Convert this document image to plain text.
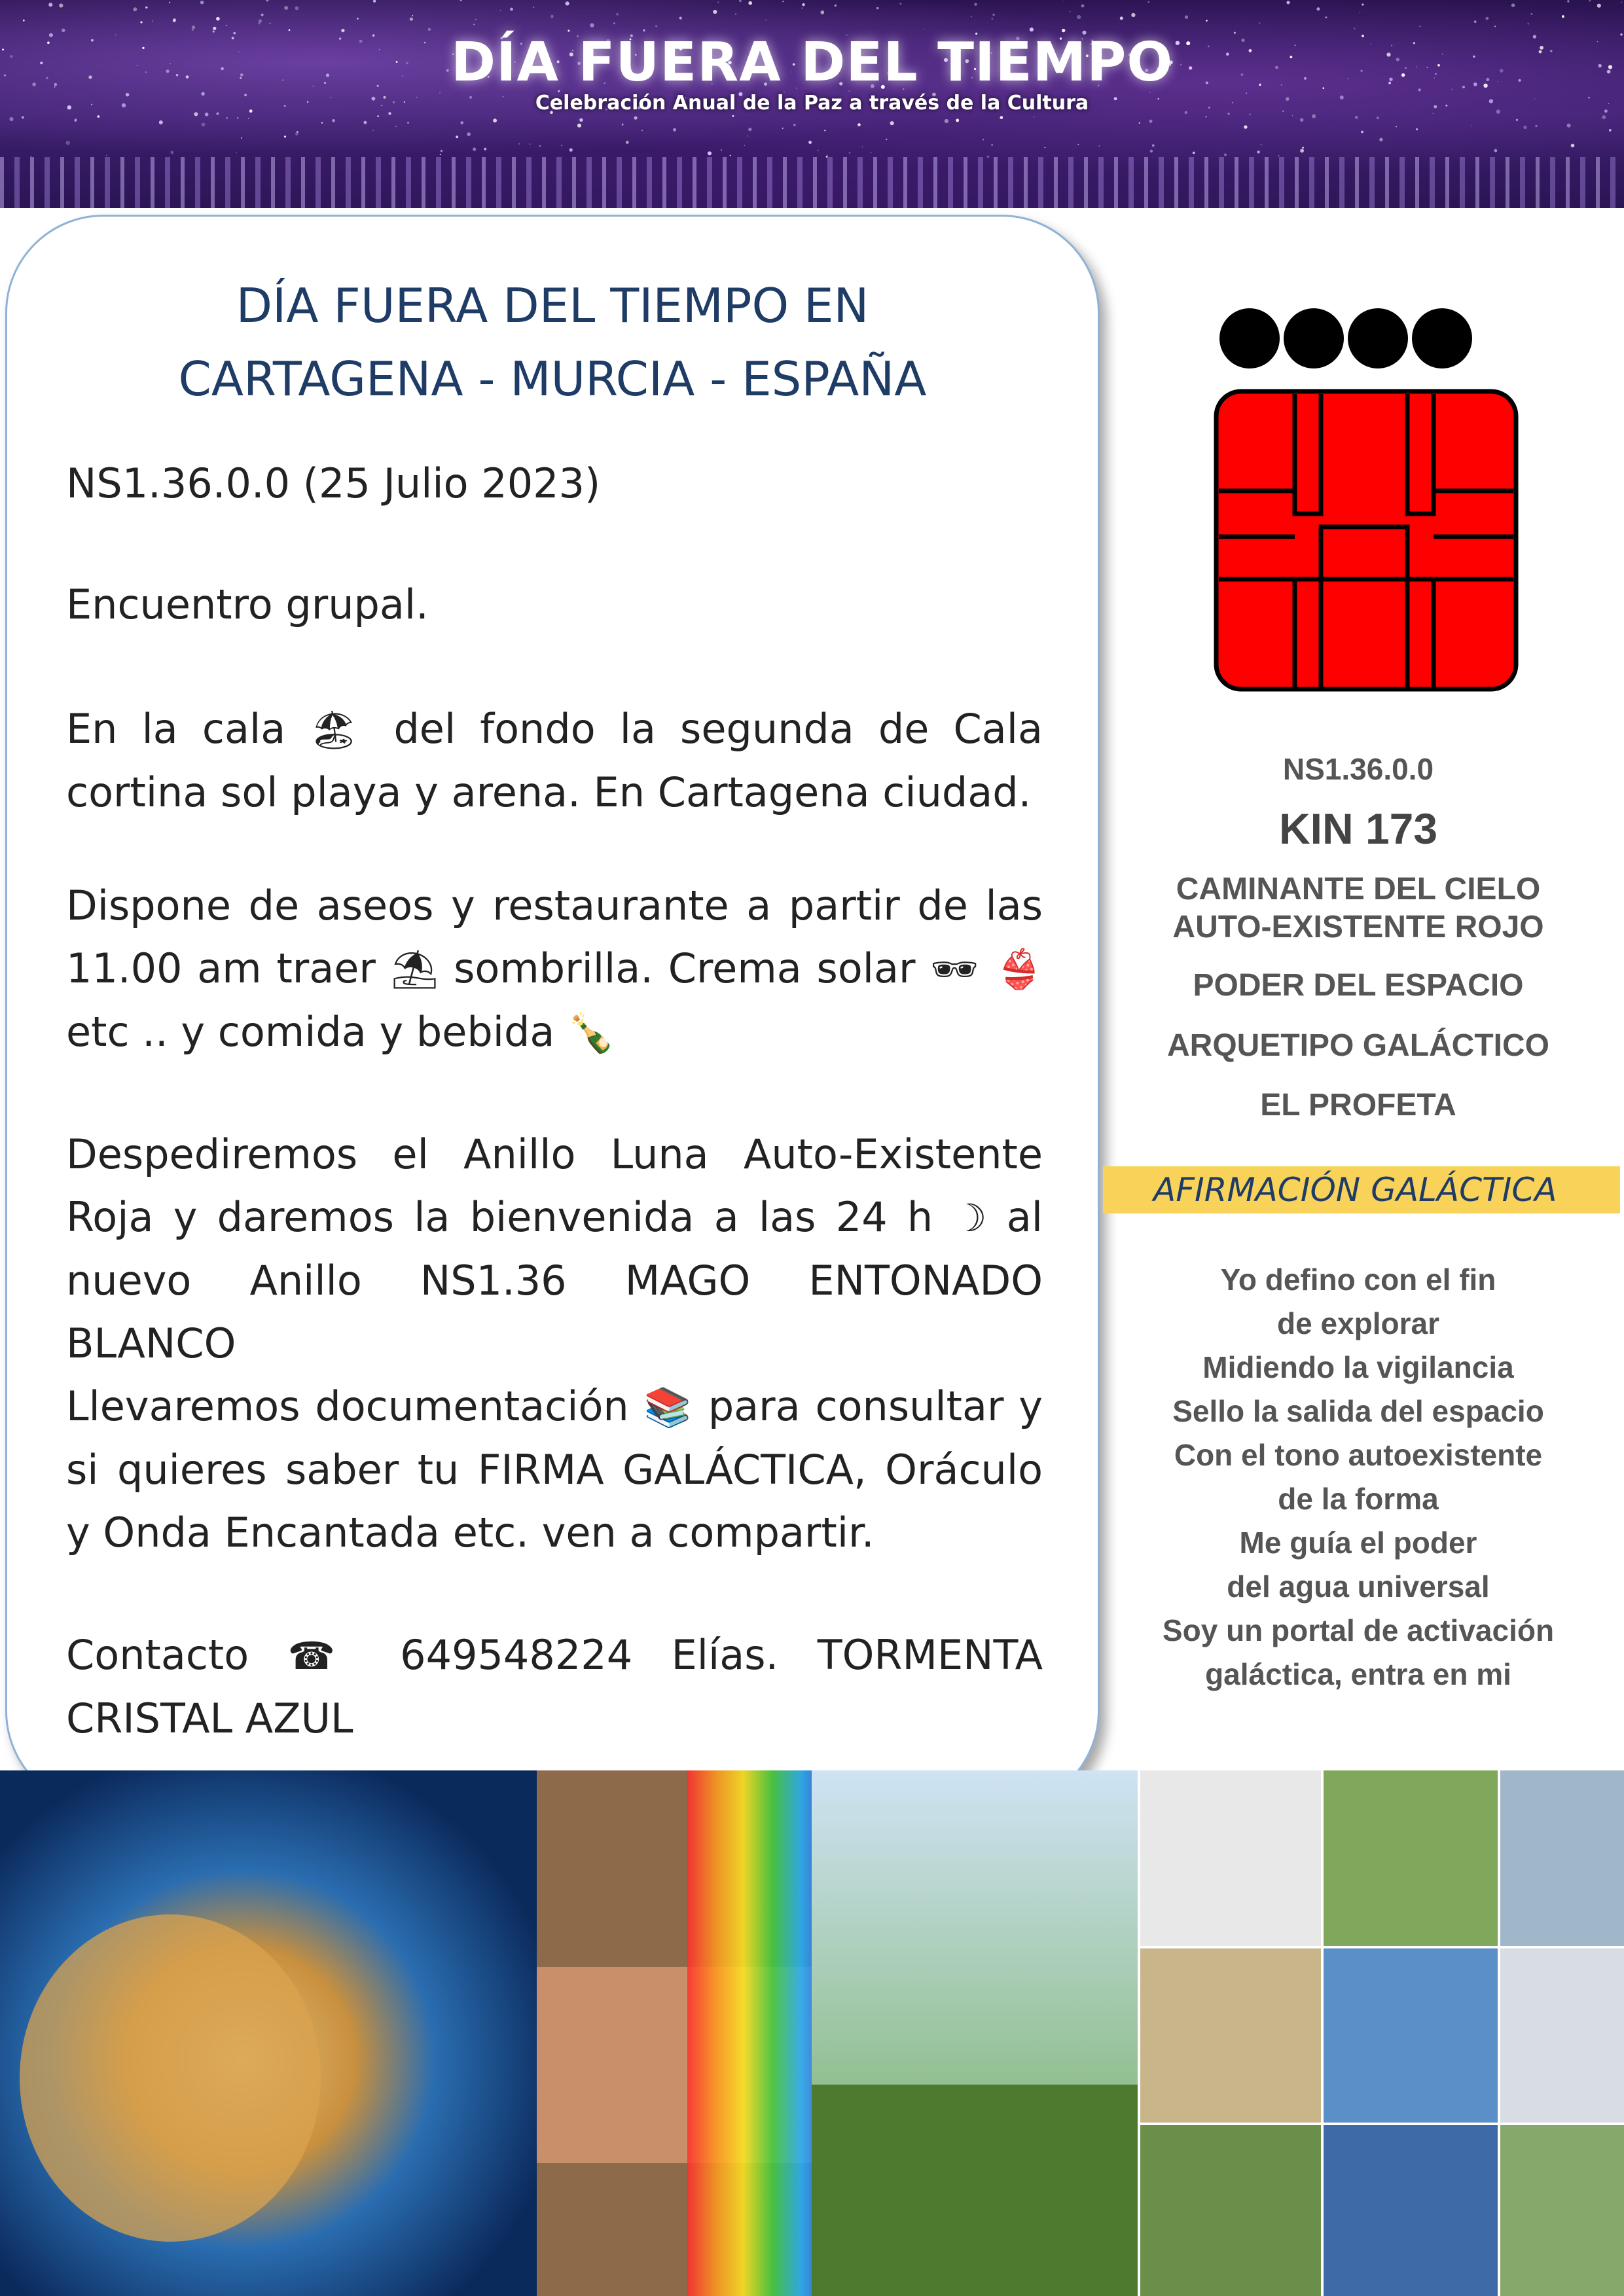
DÍA FUERA DEL TIEMPO
Celebración Anual de la Paz a través de la Cultura
DÍA FUERA DEL TIEMPO EN
CARTAGENA - MURCIA - ESPAÑA
NS1.36.0.0 (25 Julio 2023)
Encuentro grupal.
En la cala 🏖 del fondo la segunda de Cala cortina sol playa y arena. En Cartagena ciudad.
Dispone de aseos y restaurante a partir de las 11.00 am traer ⛱ sombrilla. Crema solar 🕶 👙 etc .. y comida y bebida 🍾
Despediremos el Anillo Luna Auto-Existente Roja y daremos la bienvenida a las 24 h ☽ al nuevo Anillo NS1.36 MAGO ENTONADO BLANCO
Llevaremos documentación 📚 para consultar y si quieres saber tu FIRMA GALÁCTICA, Oráculo y Onda Encantada etc. ven a compartir.
Contacto ☎ 649548224 Elías. TORMENTA CRISTAL AZUL
NS1.36.0.0
KIN 173
CAMINANTE DEL CIELO
AUTO-EXISTENTE ROJO
PODER DEL ESPACIO
ARQUETIPO GALÁCTICO
EL PROFETA
AFIRMACIÓN GALÁCTICA
Yo defino con el fin
de explorar
Midiendo la vigilancia
Sello la salida del espacio
Con el tono autoexistente
de la forma
Me guía el poder
del agua universal
Soy un portal de activación
galáctica, entra en mi
